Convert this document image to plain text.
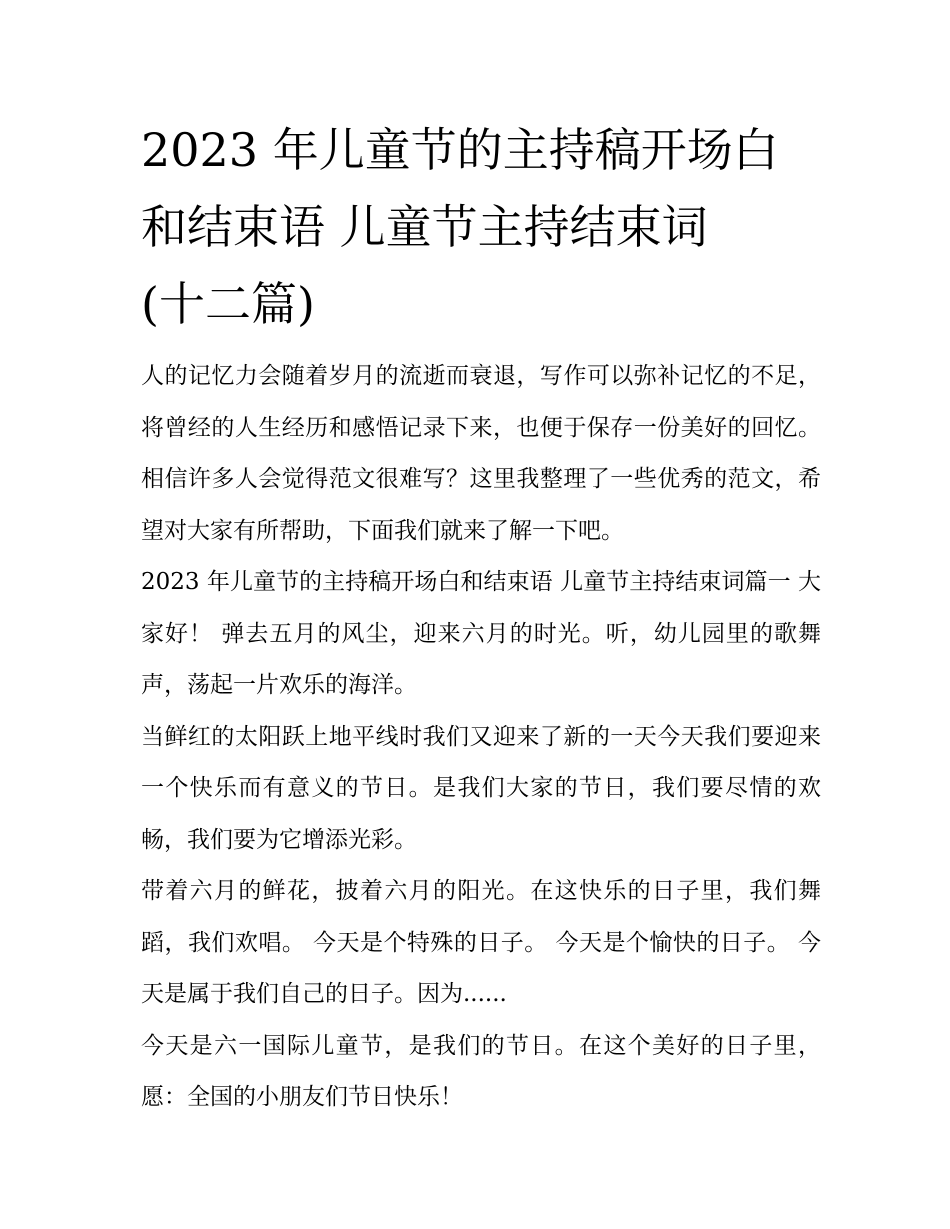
2023 年儿童节的主持稿开场白
和结束语 儿童节主持结束词
(十二篇)

人的记忆力会随着岁月的流逝而衰退，写作可以弥补记忆的不足，将曾经的人生经历和感悟记录下来，也便于保存一份美好的回忆。相信许多人会觉得范文很难写？这里我整理了一些优秀的范文，希望对大家有所帮助，下面我们就来了解一下吧。

2023 年儿童节的主持稿开场白和结束语 儿童节主持结束词篇一 大家好！ 弹去五月的风尘，迎来六月的时光。听，幼儿园里的歌舞声，荡起一片欢乐的海洋。

当鲜红的太阳跃上地平线时我们又迎来了新的一天今天我们要迎来一个快乐而有意义的节日。是我们大家的节日，我们要尽情的欢畅，我们要为它增添光彩。

带着六月的鲜花，披着六月的阳光。在这快乐的日子里，我们舞蹈，我们欢唱。 今天是个特殊的日子。 今天是个愉快的日子。 今天是属于我们自己的日子。因为......

今天是六一国际儿童节，是我们的节日。在这个美好的日子里，愿：全国的小朋友们节日快乐！
